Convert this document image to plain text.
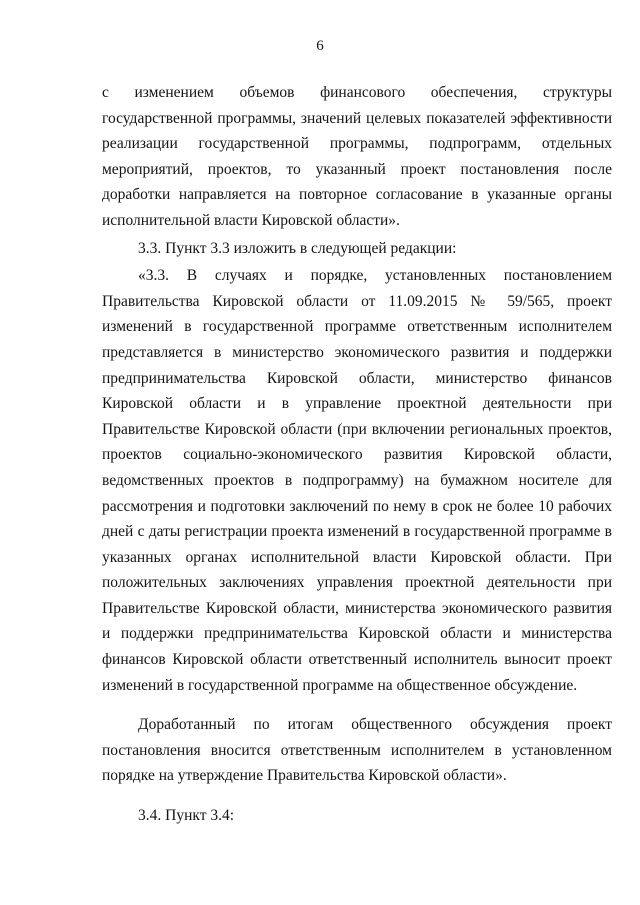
6

с изменением объемов финансового обеспечения, структуры государственной программы, значений целевых показателей эффективности реализации государственной программы, подпрограмм, отдельных мероприятий, проектов, то указанный проект постановления после доработки направляется на повторное согласование в указанные органы исполнительной власти Кировской области».

3.3. Пункт 3.3 изложить в следующей редакции:

«3.3. В случаях и порядке, установленных постановлением Правительства Кировской области от 11.09.2015 № 59/565, проект изменений в государственной программе ответственным исполнителем представляется в министерство экономического развития и поддержки предпринимательства Кировской области, министерство финансов Кировской области и в управление проектной деятельности при Правительстве Кировской области (при включении региональных проектов, проектов социально-экономического развития Кировской области, ведомственных проектов в подпрограмму) на бумажном носителе для рассмотрения и подготовки заключений по нему в срок не более 10 рабочих дней с даты регистрации проекта изменений в государственной программе в указанных органах исполнительной власти Кировской области. При положительных заключениях управления проектной деятельности при Правительстве Кировской области, министерства экономического развития и поддержки предпринимательства Кировской области и министерства финансов Кировской области ответственный исполнитель выносит проект изменений в государственной программе на общественное обсуждение.

Доработанный по итогам общественного обсуждения проект постановления вносится ответственным исполнителем в установленном порядке на утверждение Правительства Кировской области».

3.4. Пункт 3.4:
